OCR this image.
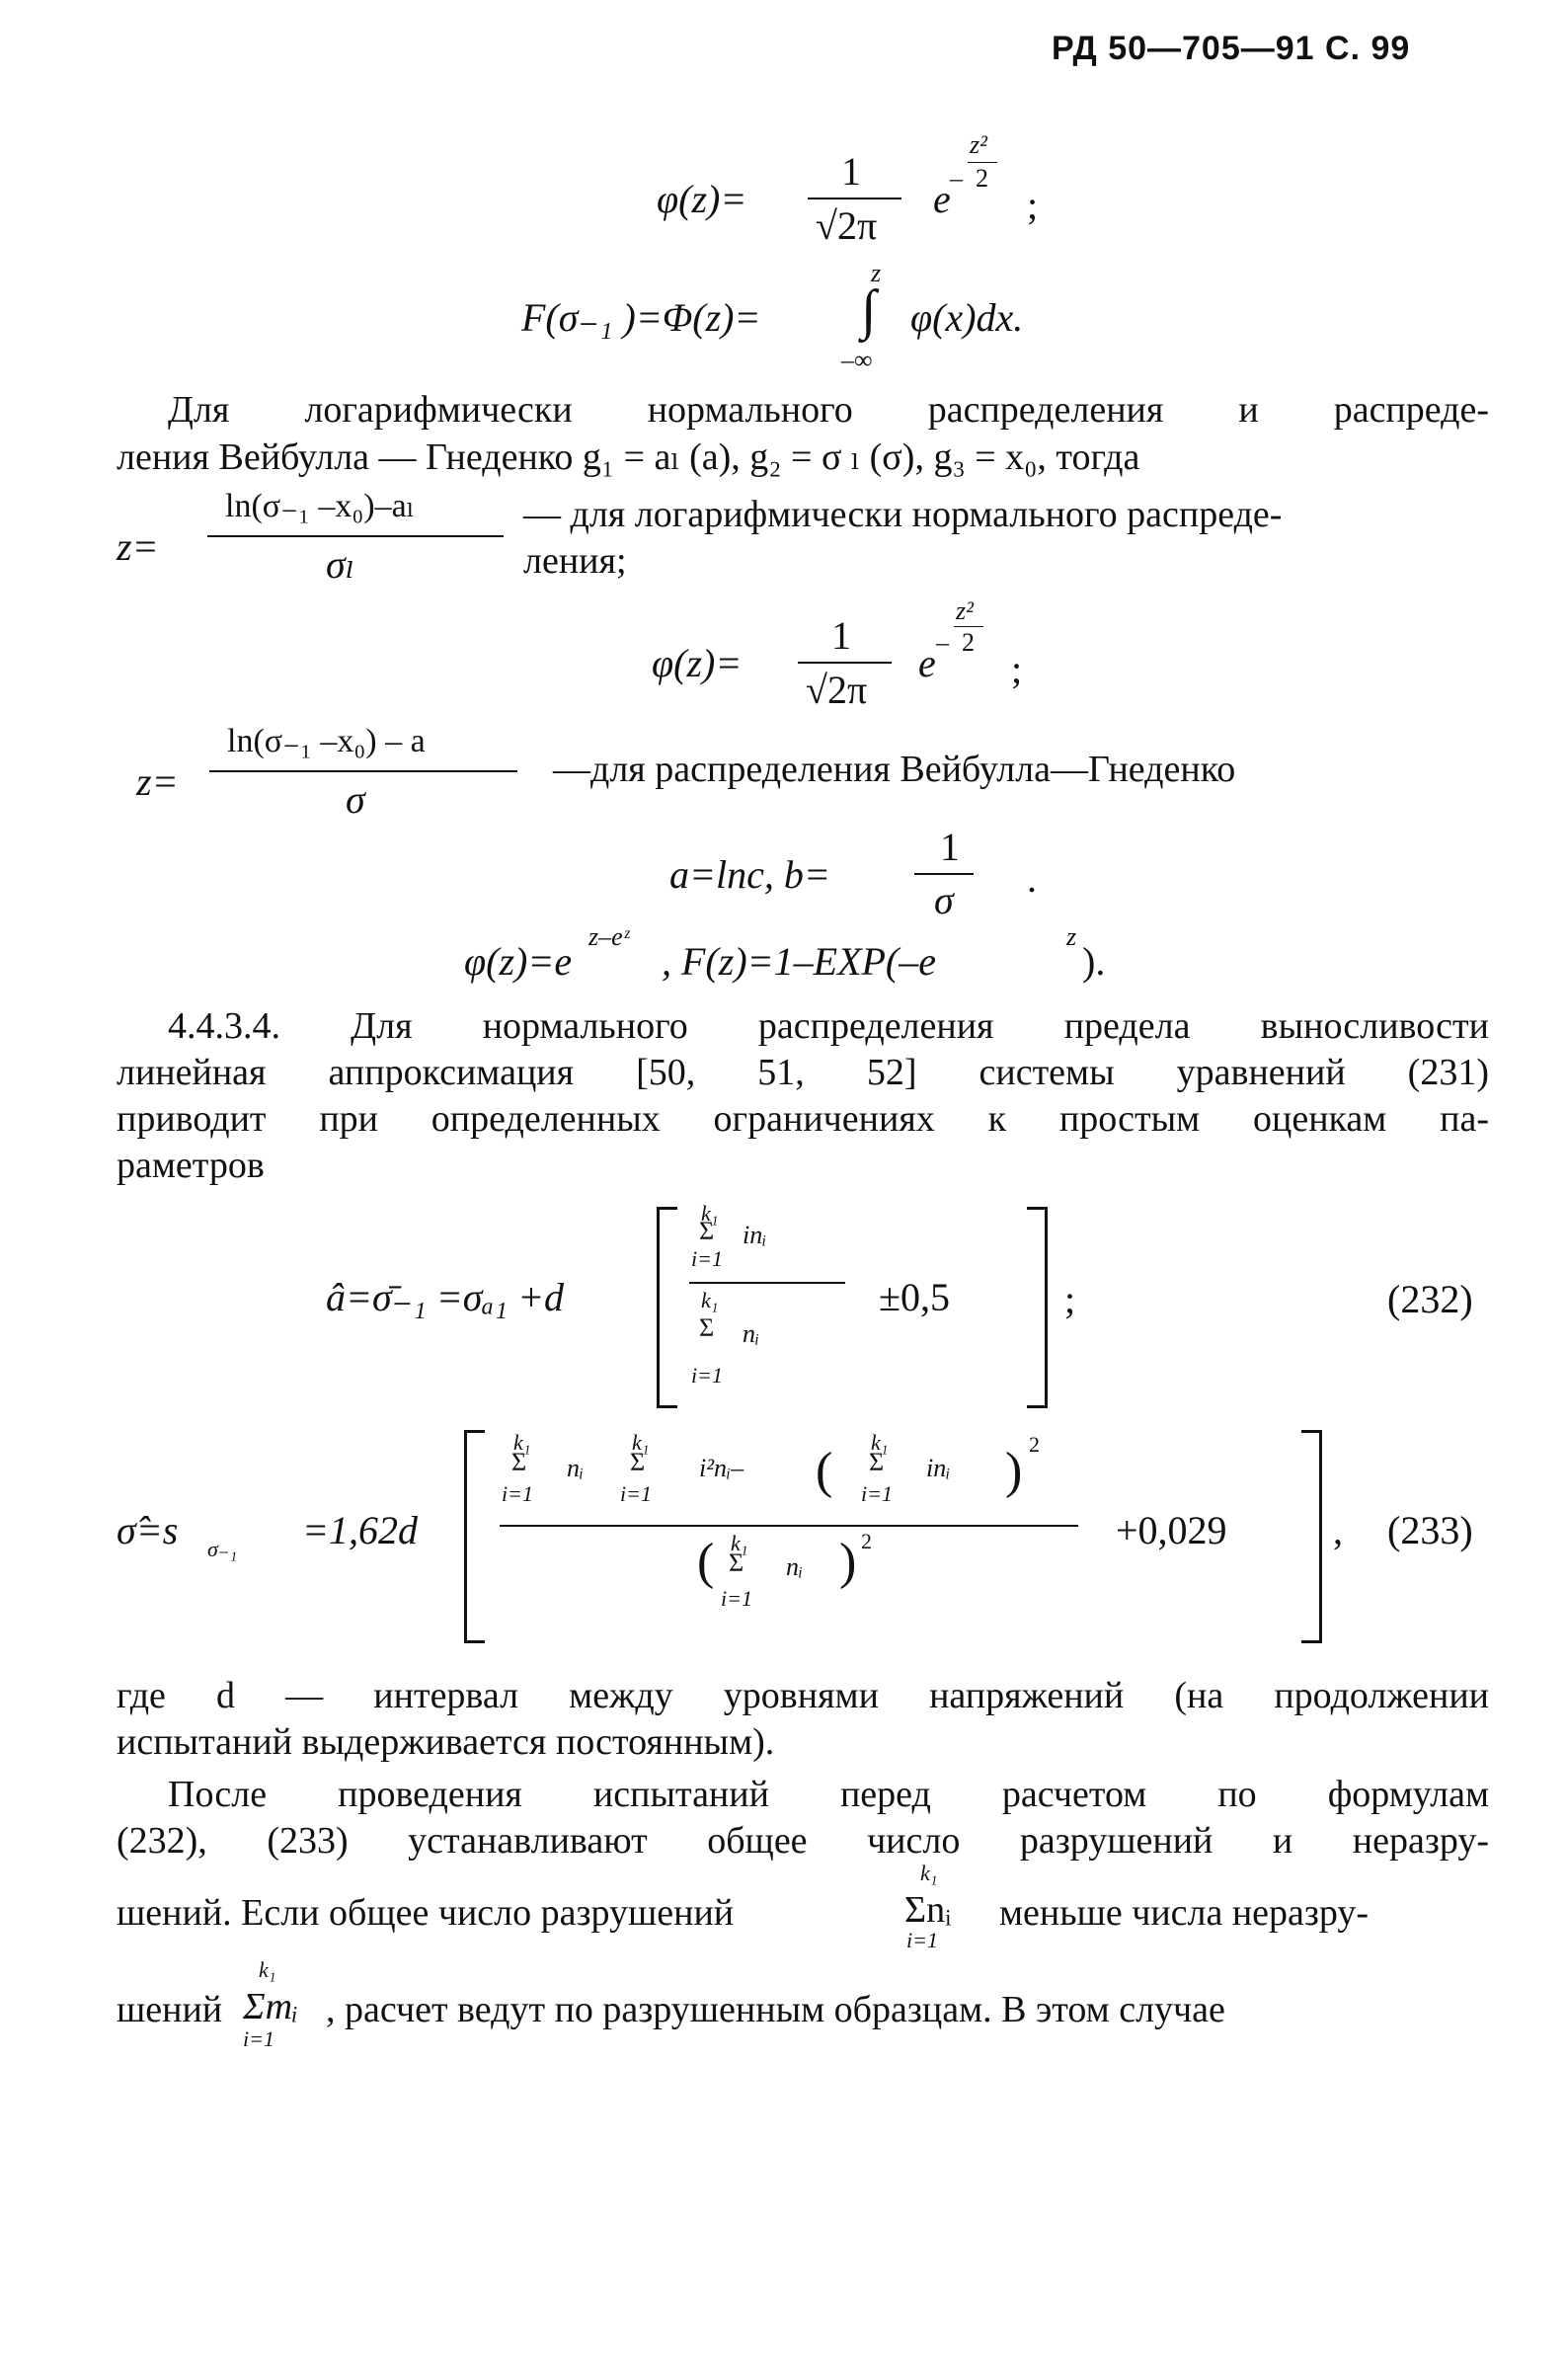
РД 50—705—91 С. 99
φ(z)=
1
√2π
e –
z²
2
;
F(σ₋₁ )=Φ(z)=
z
∫
–∞
φ(x)dx.
Для логарифмически нормального распределения и распреде-
ления Вейбулла — Гнеденко g₁ = aₗ (a), g₂ = σ ₗ (σ), g₃ = x₀, тогда
z=
ln(σ₋₁ –x₀)–aₗ
σₗ
— для логарифмически нормального распреде-
ления;
φ(z)=
1
√2π
e –
z²
2
;
z=
ln(σ₋₁ –x₀) – a
σ
—для распределения Вейбулла—Гнеденко
a=lnc, b=
1
σ .
φ(z)=e
z–eᶻ
, F(z)=1–EXP(–e
z
).
4.4.3.4. Для нормального распределения предела выносливости
линейная аппроксимация [50, 51, 52] системы уравнений (231)
приводит при определенных ограничениях к простым оценкам па-
раметров
â=σ̄₋₁ =σₐ₁ +d
k₁
Σ inᵢ
i=1
k₁
Σ nᵢ
i=1
±0,5	;	(232)
σ̂=s σ₋₁ =1,62d
k₁
Σ
i=1
nᵢ
k₁
Σ
i=1
i²nᵢ– (
k₁
Σ
i=1
inᵢ ) 2
( k₁
Σ
i=1
nᵢ ) 2	+0,029	, (233)
где d — интервал между уровнями напряжений (на продолжении
испытаний выдерживается постоянным).
После проведения испытаний перед расчетом по формулам
(232), (233) устанавливают общее число разрушений и неразру-
шений. Если общее число разрушений
k₁
Σnᵢ
i=1
меньше числа неразру-
шений
k₁
Σmᵢ
i=1
, расчет ведут по разрушенным образцам. В этом случае
